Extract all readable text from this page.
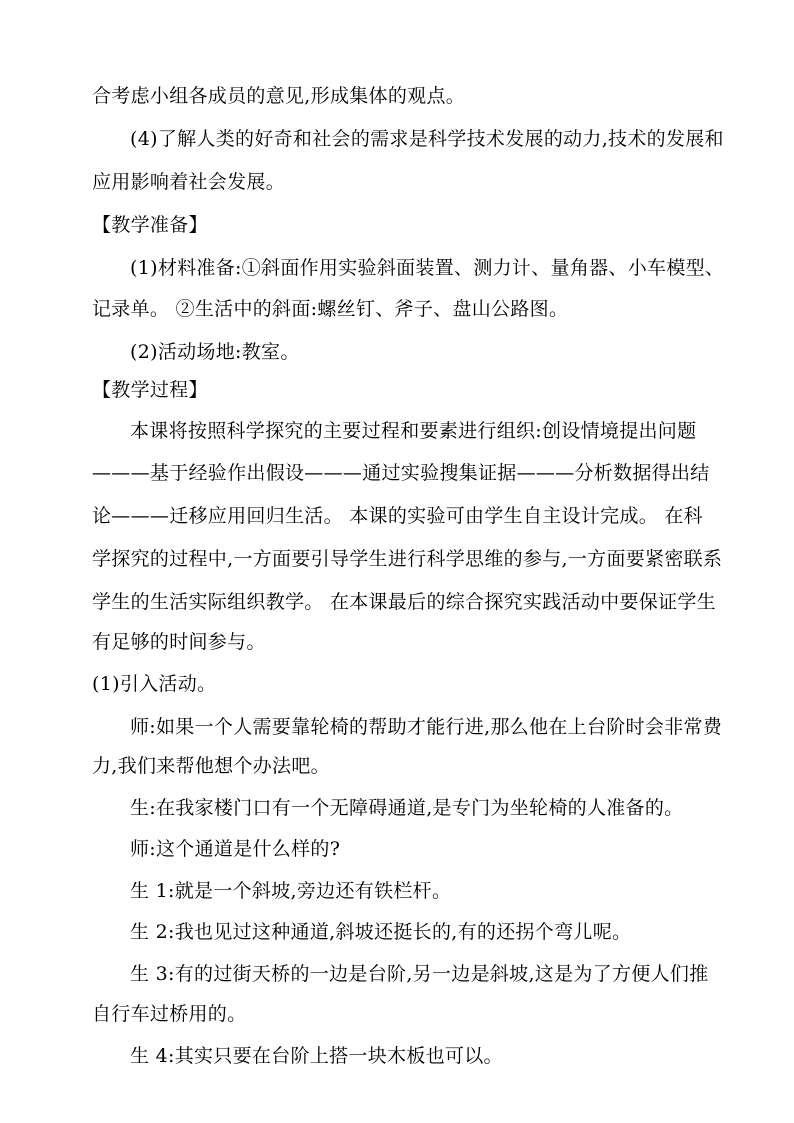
合考虑小组各成员的意见,形成集体的观点。
(4)了解人类的好奇和社会的需求是科学技术发展的动力,技术的发展和
应用影响着社会发展。
【教学准备】
(1)材料准备:①斜面作用实验斜面装置、测力计、量角器、小车模型、
记录单。 ②生活中的斜面:螺丝钉、斧子、盘山公路图。
(2)活动场地:教室。
【教学过程】
本课将按照科学探究的主要过程和要素进行组织:创设情境提出问题
———基于经验作出假设———通过实验搜集证据———分析数据得出结
论———迁移应用回归生活。 本课的实验可由学生自主设计完成。 在科
学探究的过程中,一方面要引导学生进行科学思维的参与,一方面要紧密联系
学生的生活实际组织教学。 在本课最后的综合探究实践活动中要保证学生
有足够的时间参与。
(1)引入活动。
师:如果一个人需要靠轮椅的帮助才能行进,那么他在上台阶时会非常费
力,我们来帮他想个办法吧。
生:在我家楼门口有一个无障碍通道,是专门为坐轮椅的人准备的。
师:这个通道是什么样的?
生 1:就是一个斜坡,旁边还有铁栏杆。
生 2:我也见过这种通道,斜坡还挺长的,有的还拐个弯儿呢。
生 3:有的过街天桥的一边是台阶,另一边是斜坡,这是为了方便人们推
自行车过桥用的。
生 4:其实只要在台阶上搭一块木板也可以。
